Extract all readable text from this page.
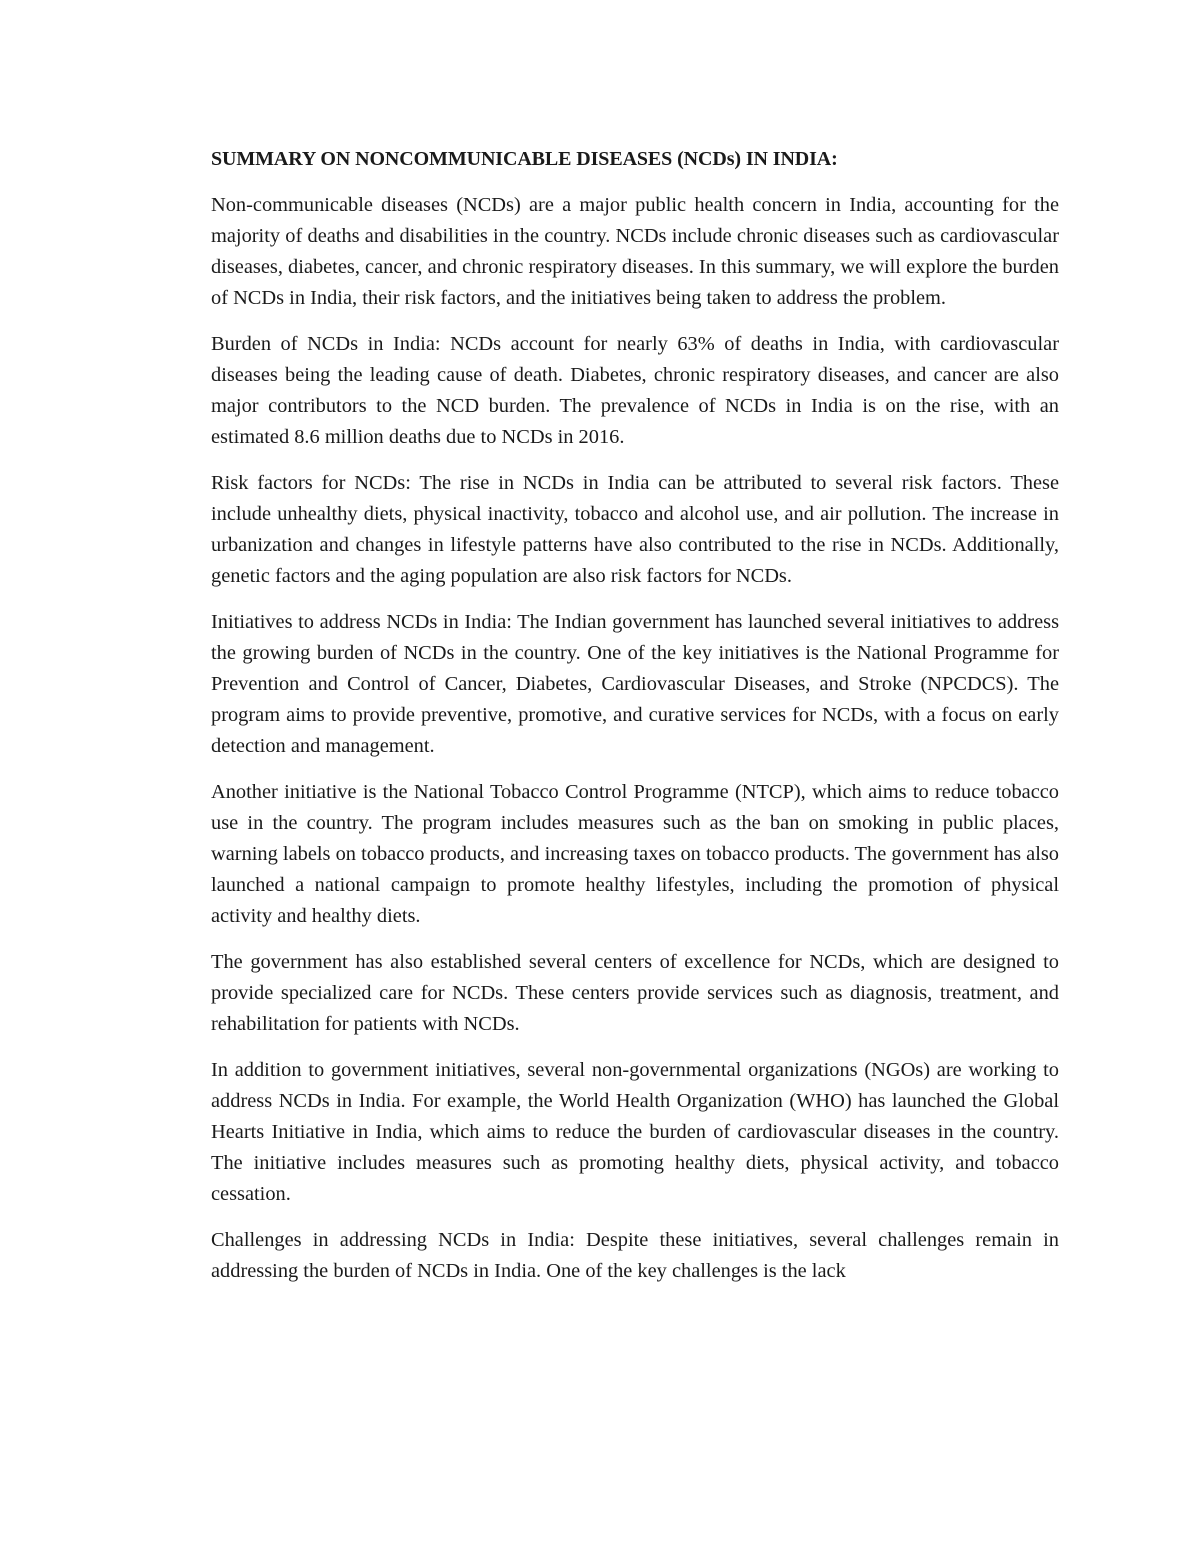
SUMMARY ON NONCOMMUNICABLE DISEASES (NCDs) IN INDIA:

Non-communicable diseases (NCDs) are a major public health concern in India, accounting for the majority of deaths and disabilities in the country. NCDs include chronic diseases such as cardiovascular diseases, diabetes, cancer, and chronic respiratory diseases. In this summary, we will explore the burden of NCDs in India, their risk factors, and the initiatives being taken to address the problem.

Burden of NCDs in India: NCDs account for nearly 63% of deaths in India, with cardiovascular diseases being the leading cause of death. Diabetes, chronic respiratory diseases, and cancer are also major contributors to the NCD burden. The prevalence of NCDs in India is on the rise, with an estimated 8.6 million deaths due to NCDs in 2016.

Risk factors for NCDs: The rise in NCDs in India can be attributed to several risk factors. These include unhealthy diets, physical inactivity, tobacco and alcohol use, and air pollution. The increase in urbanization and changes in lifestyle patterns have also contributed to the rise in NCDs. Additionally, genetic factors and the aging population are also risk factors for NCDs.

Initiatives to address NCDs in India: The Indian government has launched several initiatives to address the growing burden of NCDs in the country. One of the key initiatives is the National Programme for Prevention and Control of Cancer, Diabetes, Cardiovascular Diseases, and Stroke (NPCDCS). The program aims to provide preventive, promotive, and curative services for NCDs, with a focus on early detection and management.

Another initiative is the National Tobacco Control Programme (NTCP), which aims to reduce tobacco use in the country. The program includes measures such as the ban on smoking in public places, warning labels on tobacco products, and increasing taxes on tobacco products. The government has also launched a national campaign to promote healthy lifestyles, including the promotion of physical activity and healthy diets.

The government has also established several centers of excellence for NCDs, which are designed to provide specialized care for NCDs. These centers provide services such as diagnosis, treatment, and rehabilitation for patients with NCDs.

In addition to government initiatives, several non-governmental organizations (NGOs) are working to address NCDs in India. For example, the World Health Organization (WHO) has launched the Global Hearts Initiative in India, which aims to reduce the burden of cardiovascular diseases in the country. The initiative includes measures such as promoting healthy diets, physical activity, and tobacco cessation.

Challenges in addressing NCDs in India: Despite these initiatives, several challenges remain in addressing the burden of NCDs in India. One of the key challenges is the lack
